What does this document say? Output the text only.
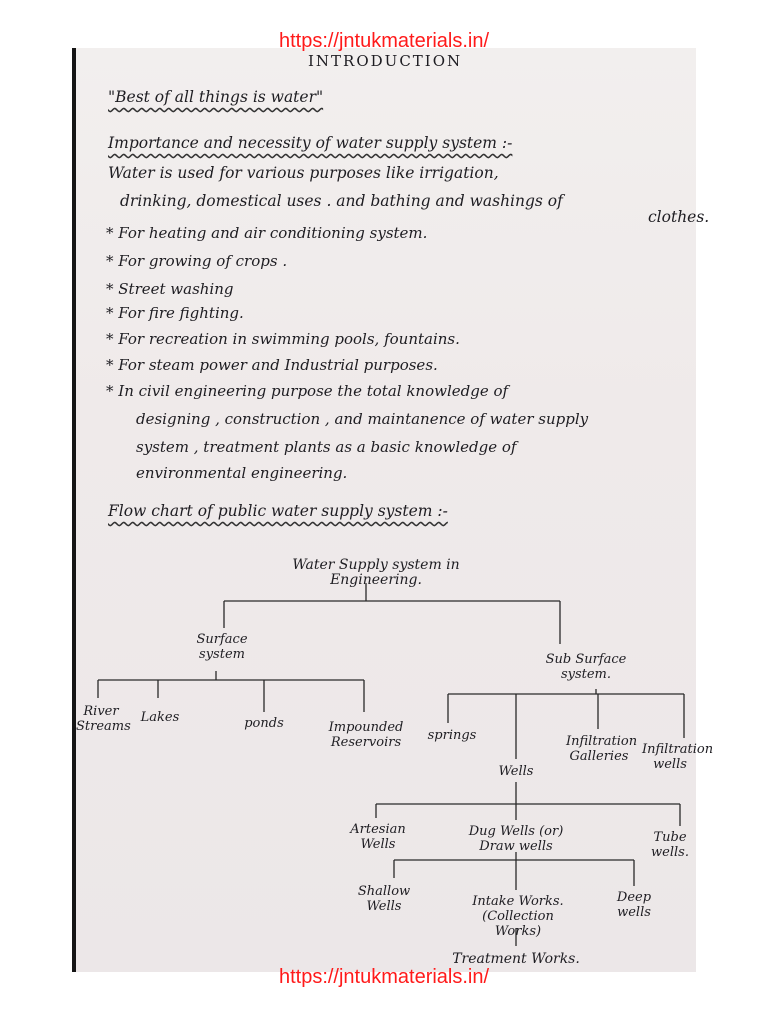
https://jntukmaterials.in/
INTRODUCTION
"Best of all things is water"
Importance and necessity of water supply system :-
Water is used for various purposes like irrigation,
drinking, domestical uses . and bathing and washings of
clothes.
* For heating and air conditioning system.
* For growing of crops .
* Street washing
* For fire fighting.
* For recreation in swimming pools, fountains.
* For steam power and Industrial purposes.
* In civil engineering purpose the total knowledge of
designing , construction , and maintanence of water supply
system , treatment plants as a basic knowledge of
environmental engineering.
Flow chart of public water supply system :-
Water Supply system in Engineering.
Surface system	Sub Surface system.
River Streams
Lakes	ponds	Impounded Reservoirs	springs
Wells
Infiltration Galleries Infiltration wells
Artesian Wells
Dug Wells (or) Draw wells
Tube wells.
Shallow Wells	Intake Works. (Collection Works)
Deep wells
Treatment Works.
https://jntukmaterials.in/
